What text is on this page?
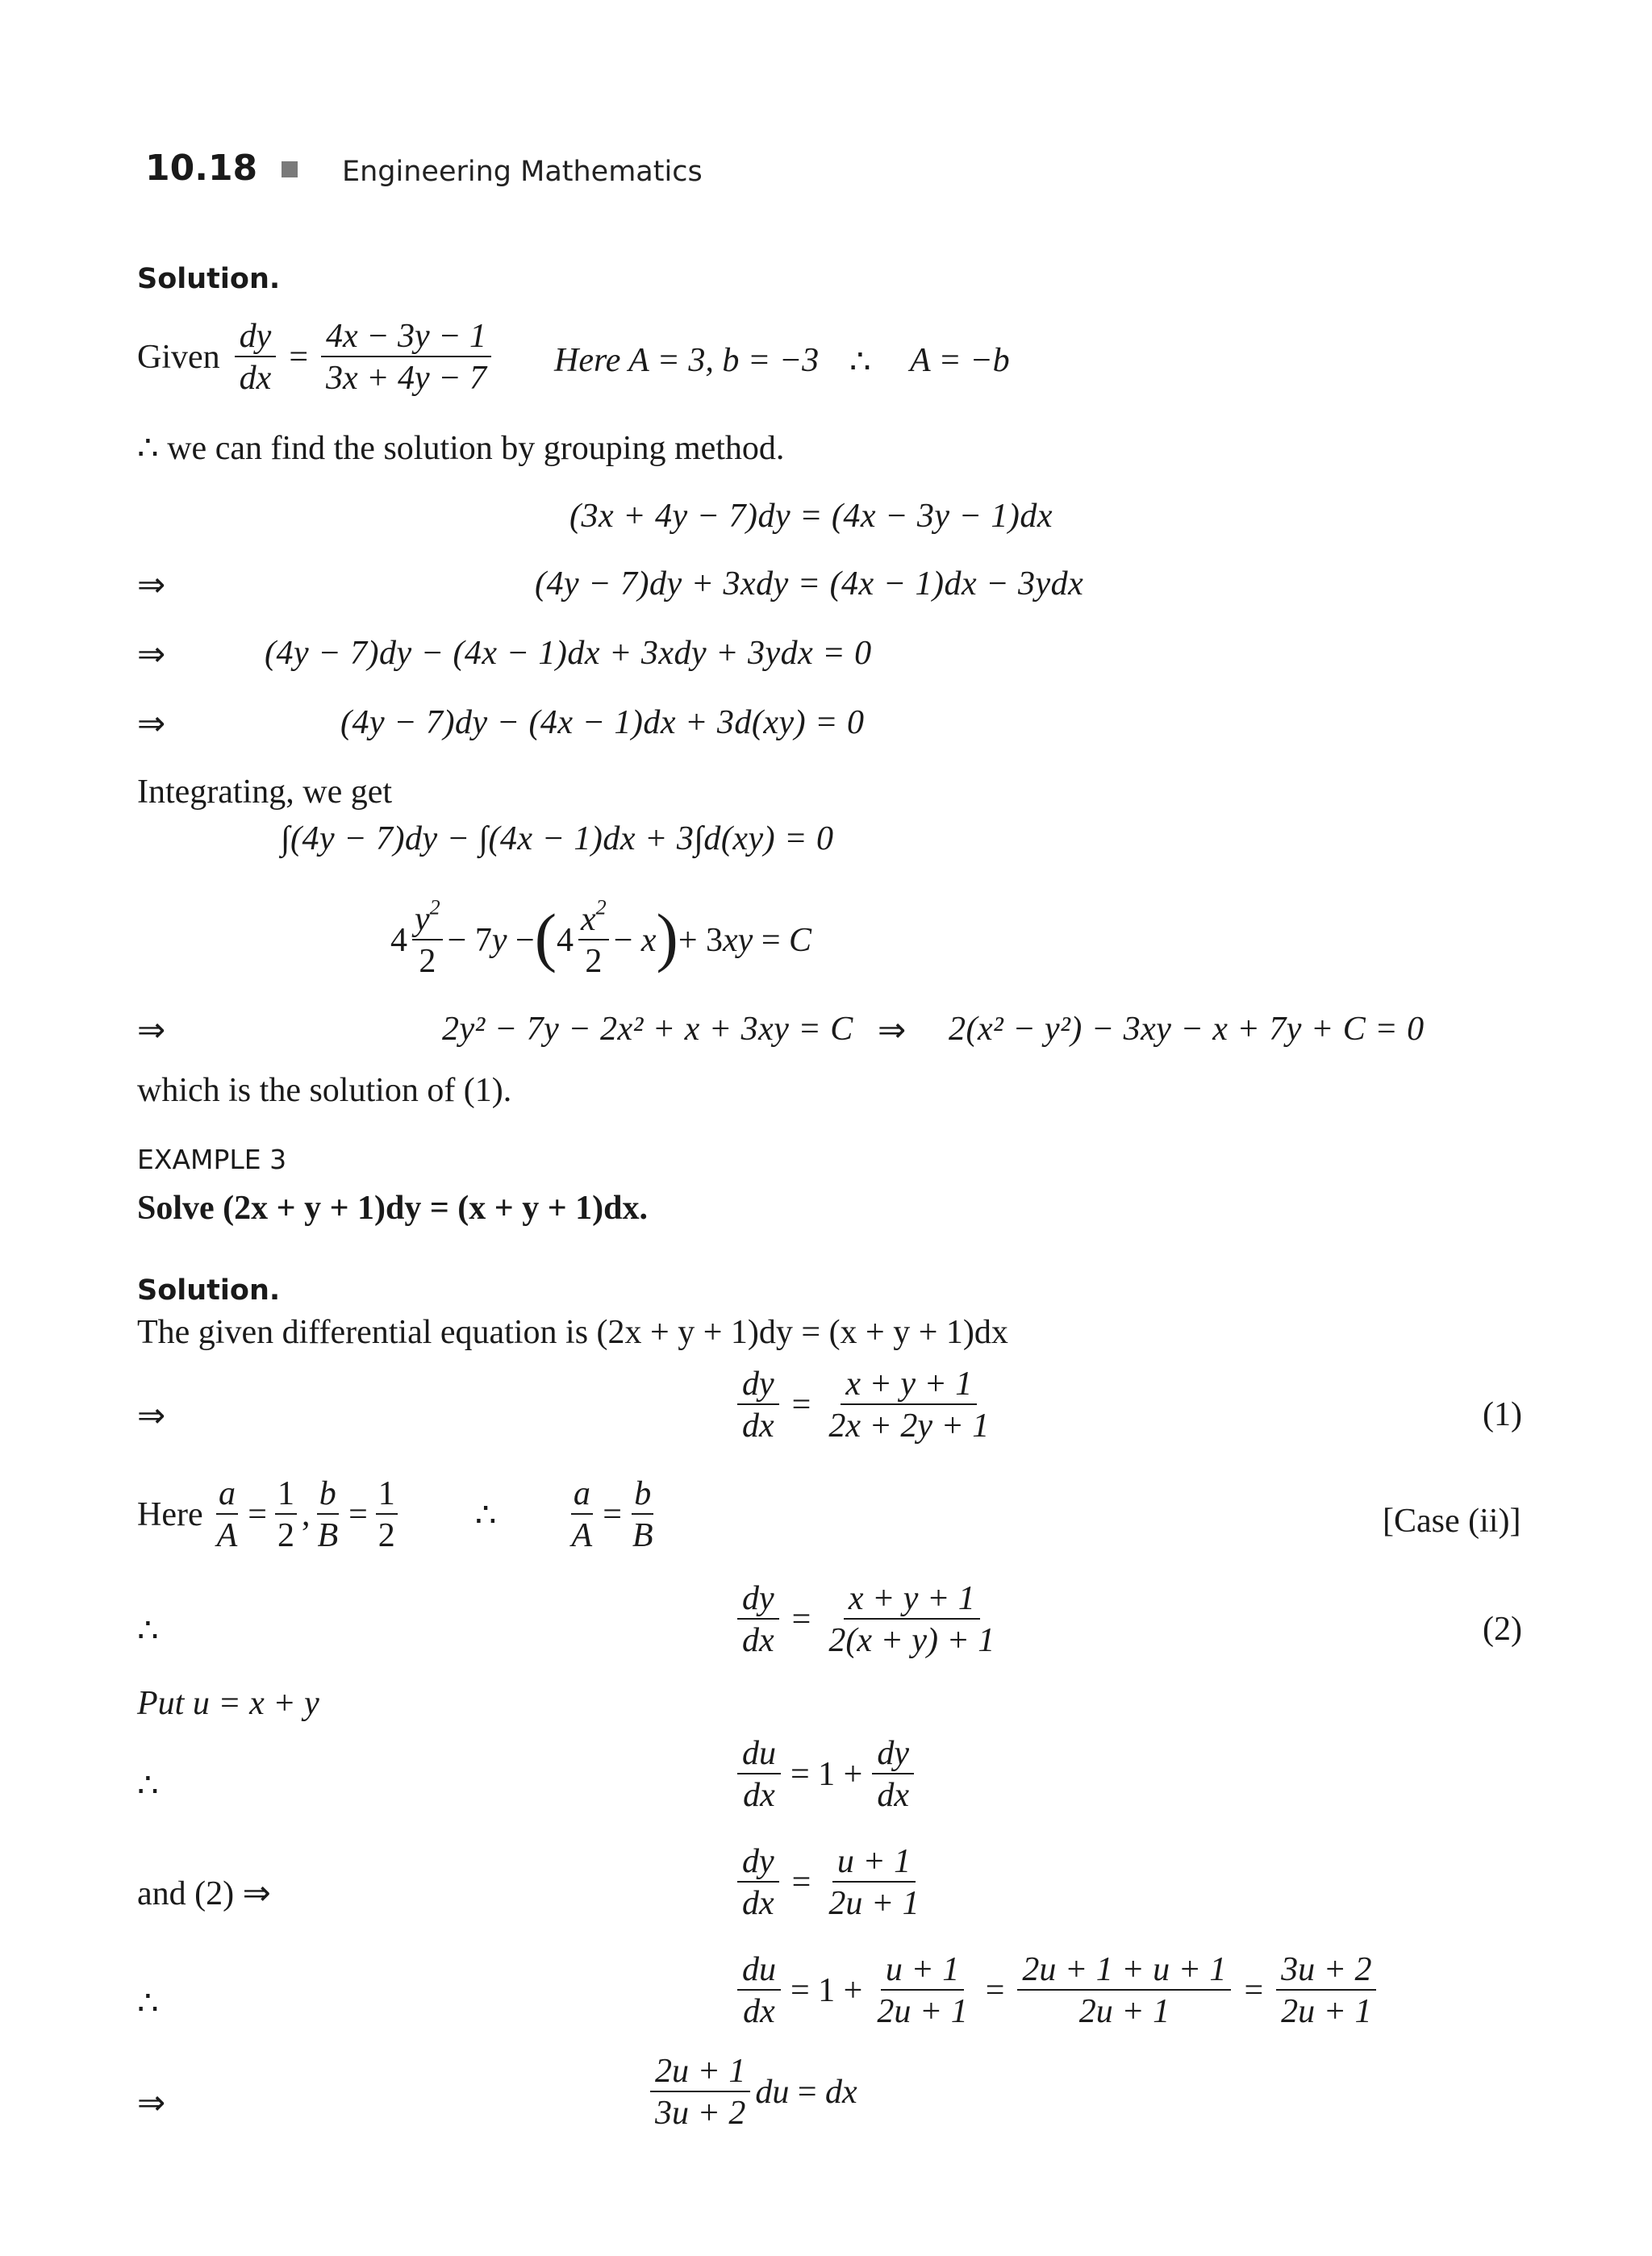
10.18	Engineering Mathematics
Solution.
Given $\frac{dy}{dx} = \frac{4x - 3y - 1}{3x + 4y - 7}$ Here A = 3, b = −3 ∴ A = −b
∴ we can find the solution by grouping method.
(3x + 4y − 7)dy = (4x − 3y − 1)dx
⇒	(4y − 7)dy + 3xdy = (4x − 1)dx − 3ydx
⇒	(4y − 7)dy − (4x − 1)dx + 3xdy + 3ydx = 0
⇒	(4y − 7)dy − (4x − 1)dx + 3d(xy) = 0
Integrating, we get
∫(4y − 7)dy − ∫(4x − 1)dx + 3∫d(xy) = 0
4
$y^2$
2
− 7y − ( 4
$x^2$
2
− x ) + 3xy = C
⇒	2y² − 7y − 2x² + x + 3xy = C ⇒ 2(x² − y²) − 3xy − x + 7y + C = 0
which is the solution of (1).
EXAMPLE 3
Solve (2x + y + 1)dy = (x + y + 1)dx.
Solution.
The given differential equation is (2x + y + 1)dy = (x + y + 1)dx
⇒	$\frac{dy}{dx} = \frac{x + y + 1}{2x + 2y + 1}$	(1)
Here $\frac{a}{A} = \frac{1}{2}$ , $\frac{b}{B} = \frac{1}{2}$ ∴ $\frac{a}{A} = \frac{b}{B}$	[Case (ii)]
∴	$\frac{dy}{dx} = \frac{x + y + 1}{2(x + y) + 1}$	(2)
Put u = x + y
∴	$\frac{du}{dx} = 1 + \frac{dy}{dx}$
and (2) ⇒	$\frac{dy}{dx} = \frac{u + 1}{2u + 1}$
∴	$\frac{du}{dx} = 1 + \frac{u + 1}{2u + 1} = \frac{2u + 1 + u + 1}{2u + 1} = \frac{3u + 2}{2u + 1}$
⇒
2u + 1
3u + 2
du = dx
